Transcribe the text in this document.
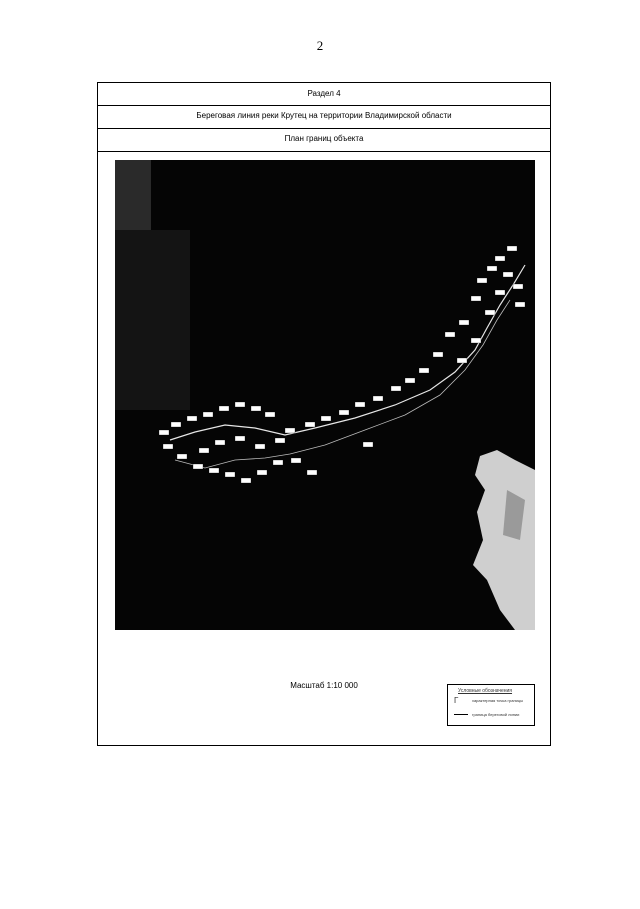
2
Раздел 4
Береговая линия реки Крутец на территории Владимирской области
План границ объекта
Масштаб 1:10 000
Условные обозначения
Γ	характерная точка границы
граница береговой линии
